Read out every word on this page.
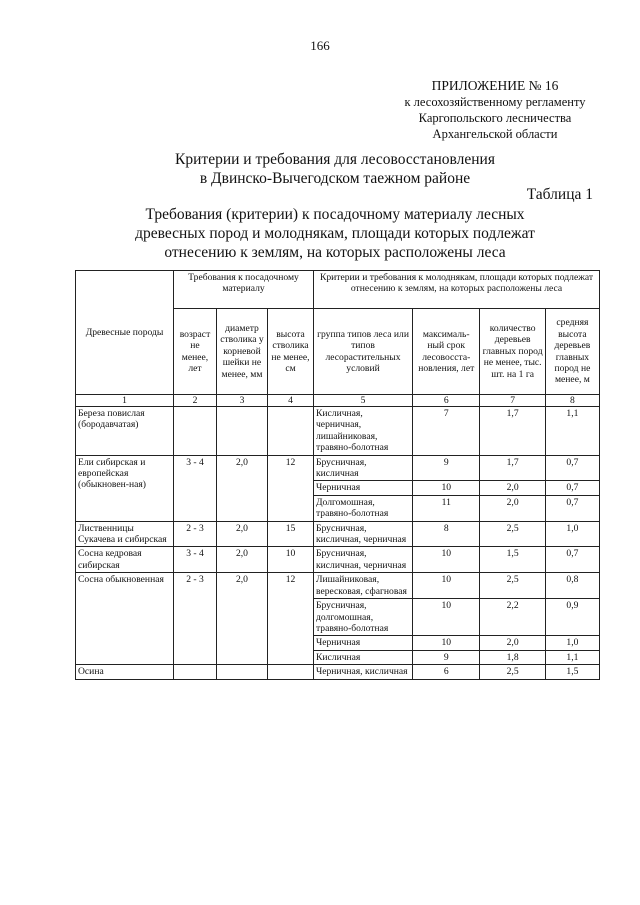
166
ПРИЛОЖЕНИЕ № 16
к лесохозяйственному регламенту
Каргопольского лесничества
Архангельской области
Критерии и требования для лесовосстановления
в Двинско-Вычегодском таежном районе
Таблица 1
Требования (критерии) к посадочному материалу лесных
древесных пород и молоднякам, площади которых подлежат
отнесению к землям, на которых расположены леса
Древесные породы	Требования к посадочному материалу			Критерии и требования к молоднякам, площади которых подлежат отнесению к землям, на которых расположены леса			
	возраст не менее, лет	диаметр стволика у корневой шейки не менее, мм	высота стволика не менее, см	группа типов леса или типов лесорастительных условий	максималь-ный срок лесовосста-новления, лет	количество деревьев главных пород не менее, тыс. шт. на 1 га	средняя высота деревьев главных пород не менее, м
1	2	3	4	5	6	7	8
Береза повислая (бородавчатая)				Кисличная, черничная, лишайниковая, травяно-болотная	7	1,7	1,1
Ели сибирская и европейская (обыкновен-ная)	3 - 4	2,0	12	Брусничная, кисличная	9	1,7	0,7
				Черничная	10	2,0	0,7
				Долгомошная, травяно-болотная	11	2,0	0,7
Лиственницы Сукачева и сибирская	2 - 3	2,0	15	Брусничная, кисличная, черничная	8	2,5	1,0
Сосна кедровая сибирская	3 - 4	2,0	10	Брусничная, кисличная, черничная	10	1,5	0,7
Сосна обыкновенная	2 - 3	2,0	12	Лишайниковая, вересковая, сфагновая	10	2,5	0,8
				Брусничная, долгомошная, травяно-болотная	10	2,2	0,9
				Черничная	10	2,0	1,0
				Кисличная	9	1,8	1,1
Осина				Черничная, кисличная	6	2,5	1,5
